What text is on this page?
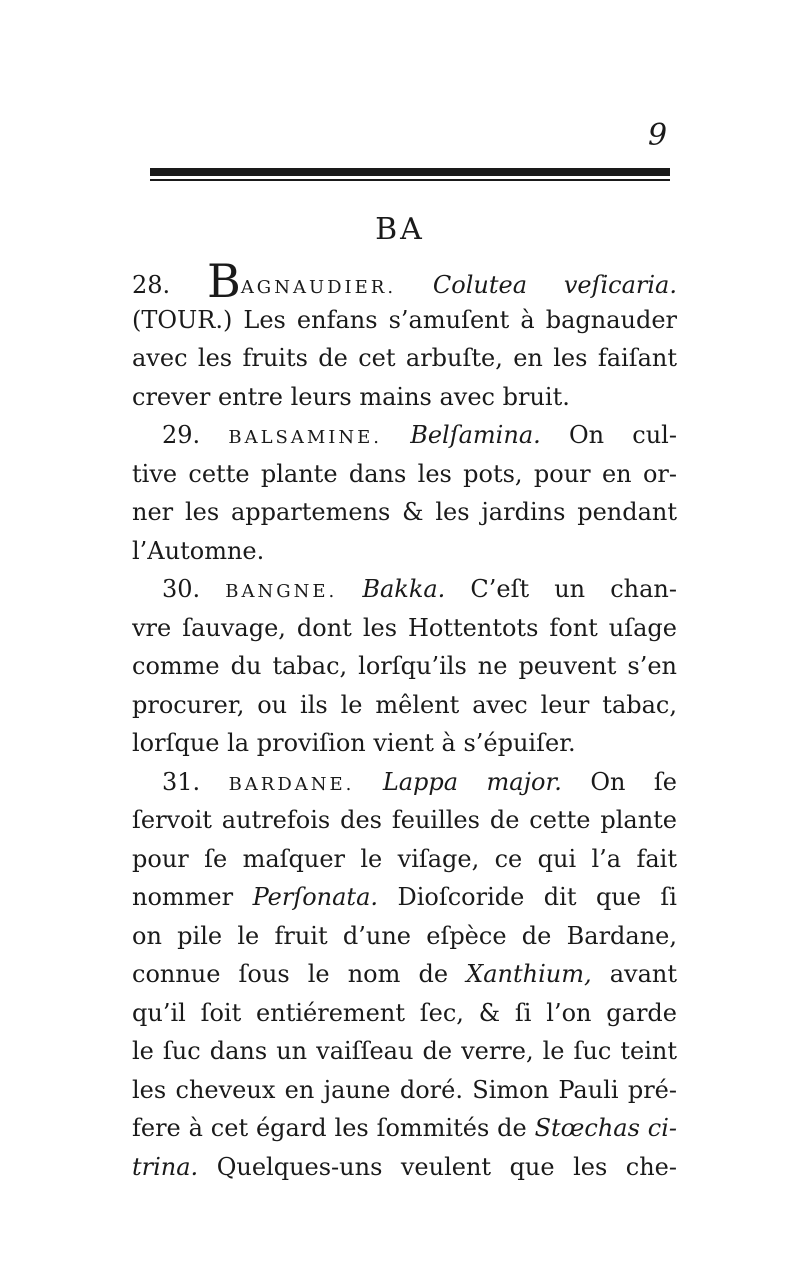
9
BA
28. BAGNAUDIER. Colutea veſicaria.
(TOUR.) Les enfans s’amuſent à bagnauder
avec les fruits de cet arbuſte, en les faiſant
crever entre leurs mains avec bruit.
29. BALSAMINE. Belſamina. On cul-
tive cette plante dans les pots, pour en or-
ner les appartemens & les jardins pendant
l’Automne.
30. BANGNE. Bakka. C’eſt un chan-
vre ſauvage, dont les Hottentots font uſage
comme du tabac, lorſqu’ils ne peuvent s’en
procurer, ou ils le mêlent avec leur tabac,
lorſque la proviſion vient à s’épuiſer.
31. BARDANE. Lappa major. On ſe
ſervoit autrefois des feuilles de cette plante
pour ſe maſquer le viſage, ce qui l’a fait
nommer Perſonata. Dioſcoride dit que ſi
on pile le fruit d’une eſpèce de Bardane,
connue ſous le nom de Xanthium, avant
qu’il ſoit entiérement ſec, & ſi l’on garde
le ſuc dans un vaiſſeau de verre, le ſuc teint
les cheveux en jaune doré. Simon Pauli pré-
fere à cet égard les ſommités de Stœchas ci-
trina. Quelques-uns veulent que les che-
